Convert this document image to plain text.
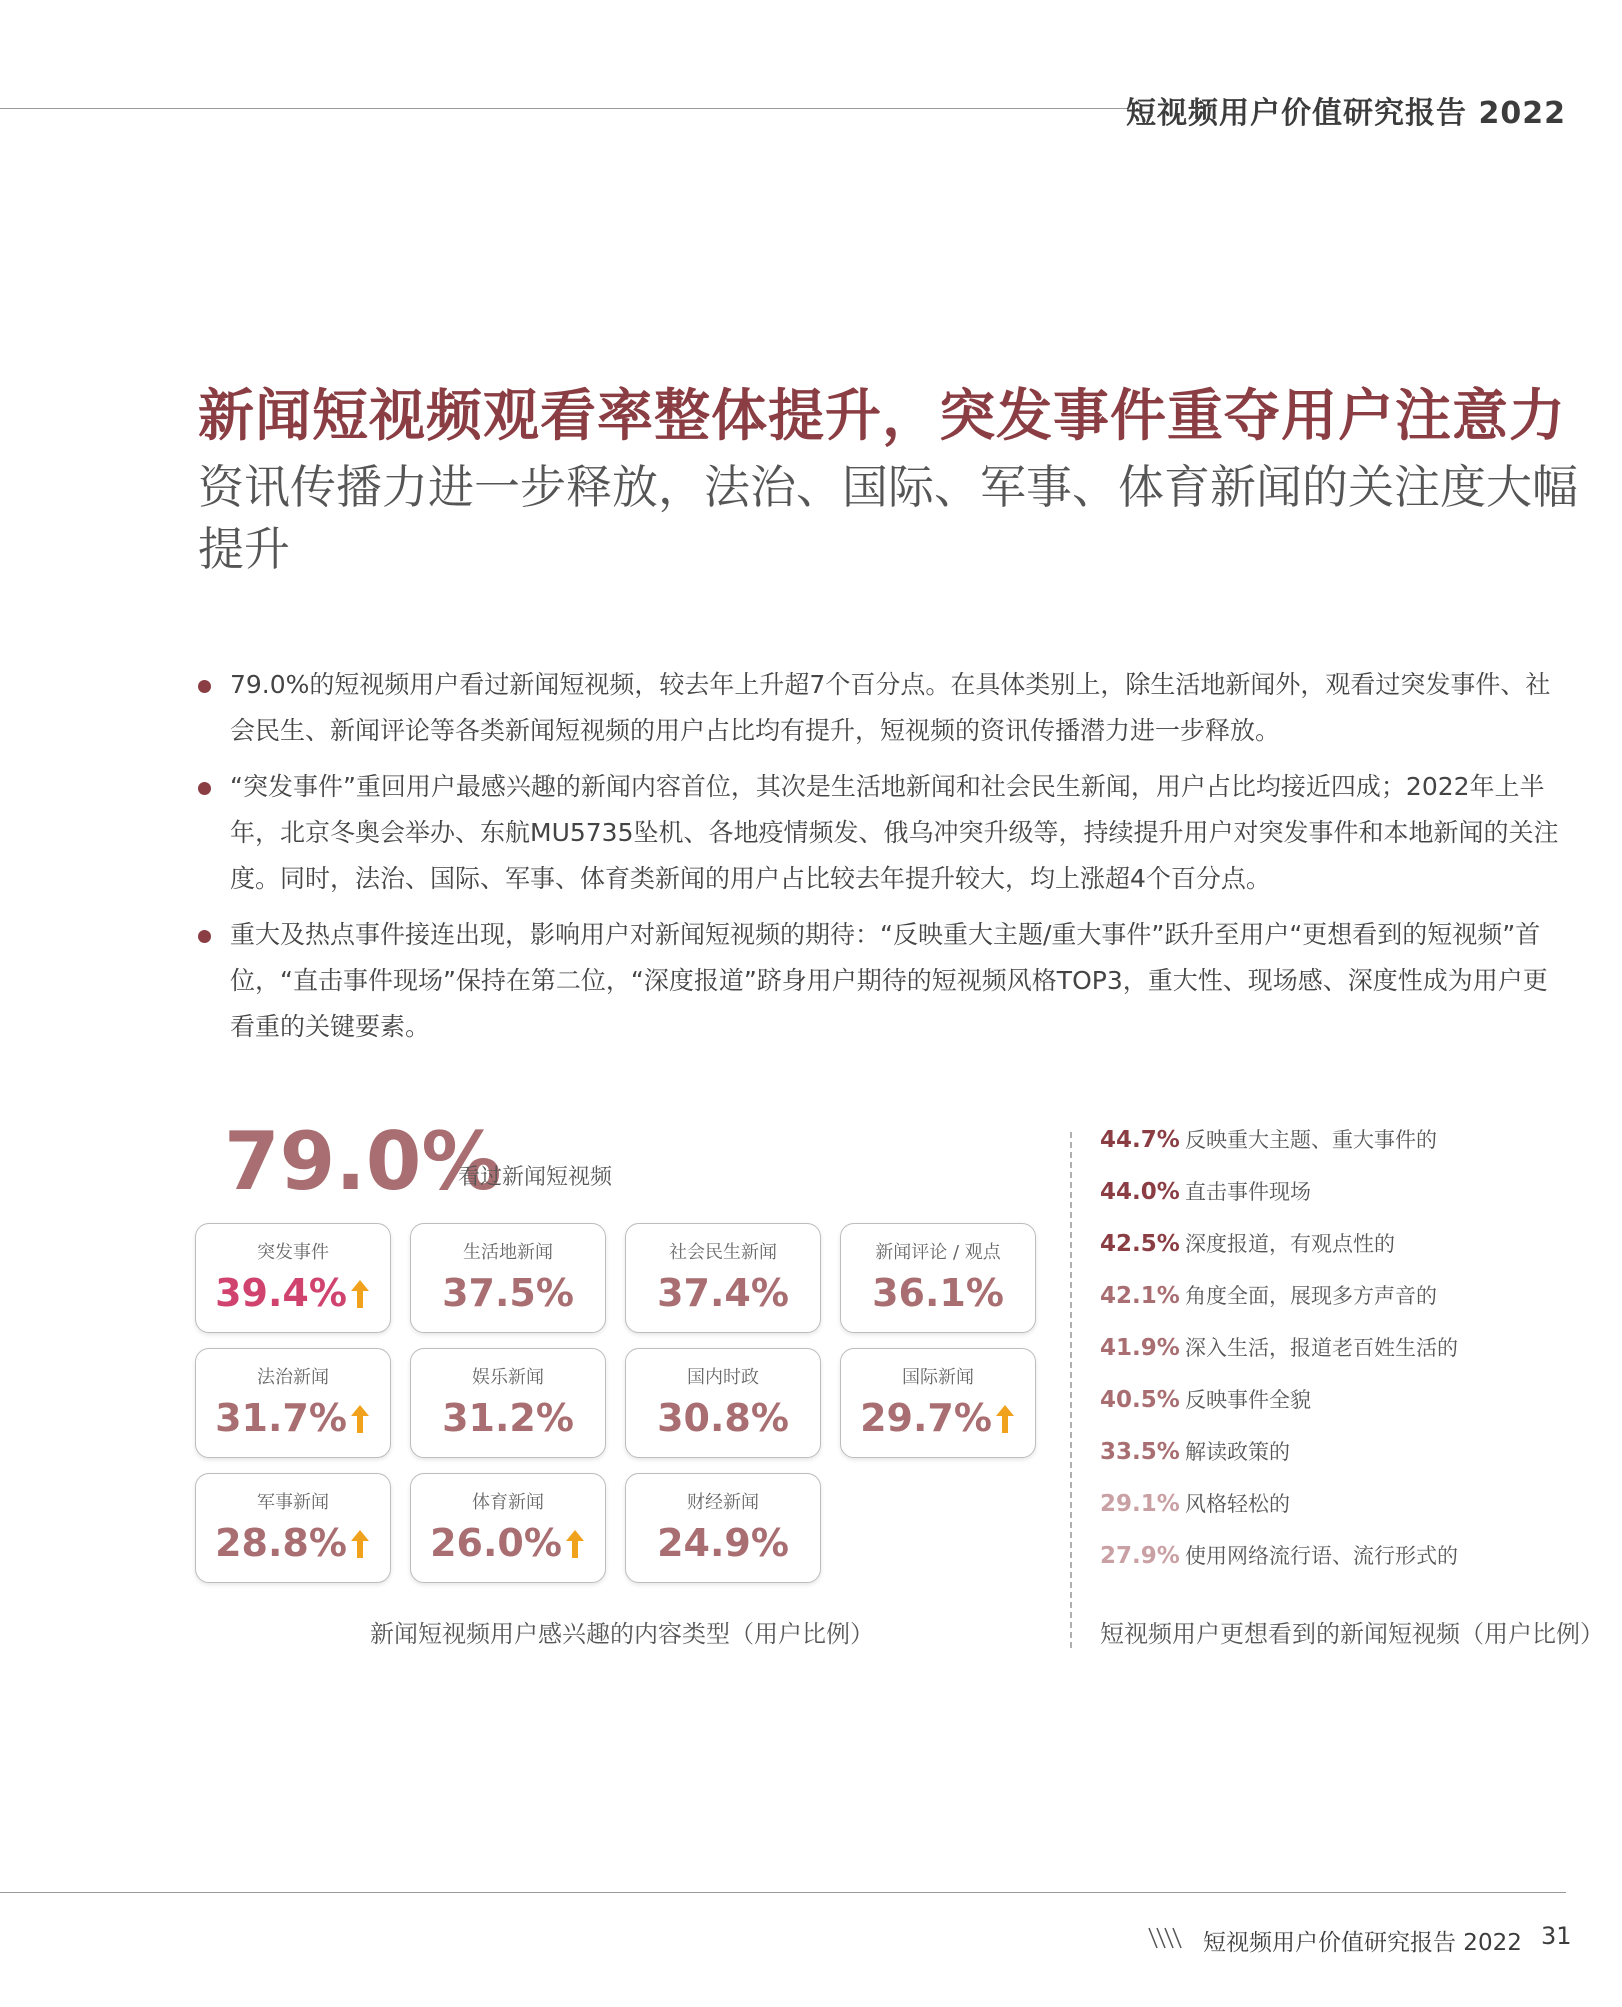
短视频用户价值研究报告 2022
新闻短视频观看率整体提升，突发事件重夺用户注意力
资讯传播力进一步释放，法治、国际、军事、体育新闻的关注度大幅提升
79.0%的短视频用户看过新闻短视频，较去年上升超7个百分点。在具体类别上，除生活地新闻外，观看过突发事件、社会民生、新闻评论等各类新闻短视频的用户占比均有提升，短视频的资讯传播潜力进一步释放。
“突发事件”重回用户最感兴趣的新闻内容首位，其次是生活地新闻和社会民生新闻，用户占比均接近四成；2022年上半年，北京冬奥会举办、东航MU5735坠机、各地疫情频发、俄乌冲突升级等，持续提升用户对突发事件和本地新闻的关注度。同时，法治、国际、军事、体育类新闻的用户占比较去年提升较大，均上涨超4个百分点。
重大及热点事件接连出现，影响用户对新闻短视频的期待：“反映重大主题/重大事件”跃升至用户“更想看到的短视频”首位，“直击事件现场”保持在第二位，“深度报道”跻身用户期待的短视频风格TOP3，重大性、现场感、深度性成为用户更看重的关键要素。
79.0%
看过新闻短视频
突发事件
39.4%
生活地新闻
37.5%
社会民生新闻
37.4%
新闻评论 / 观点
36.1%
法治新闻
31.7%
娱乐新闻
31.2%
国内时政
30.8%
国际新闻
29.7%
军事新闻
28.8%
体育新闻
26.0%
财经新闻
24.9%
新闻短视频用户感兴趣的内容类型（用户比例）
44.7% 反映重大主题、重大事件的
44.0% 直击事件现场
42.5% 深度报道，有观点性的
42.1% 角度全面，展现多方声音的
41.9% 深入生活，报道老百姓生活的
40.5% 反映事件全貌
33.5% 解读政策的
29.1% 风格轻松的
27.9% 使用网络流行语、流行形式的
短视频用户更想看到的新闻短视频（用户比例）
短视频用户价值研究报告 2022 31
